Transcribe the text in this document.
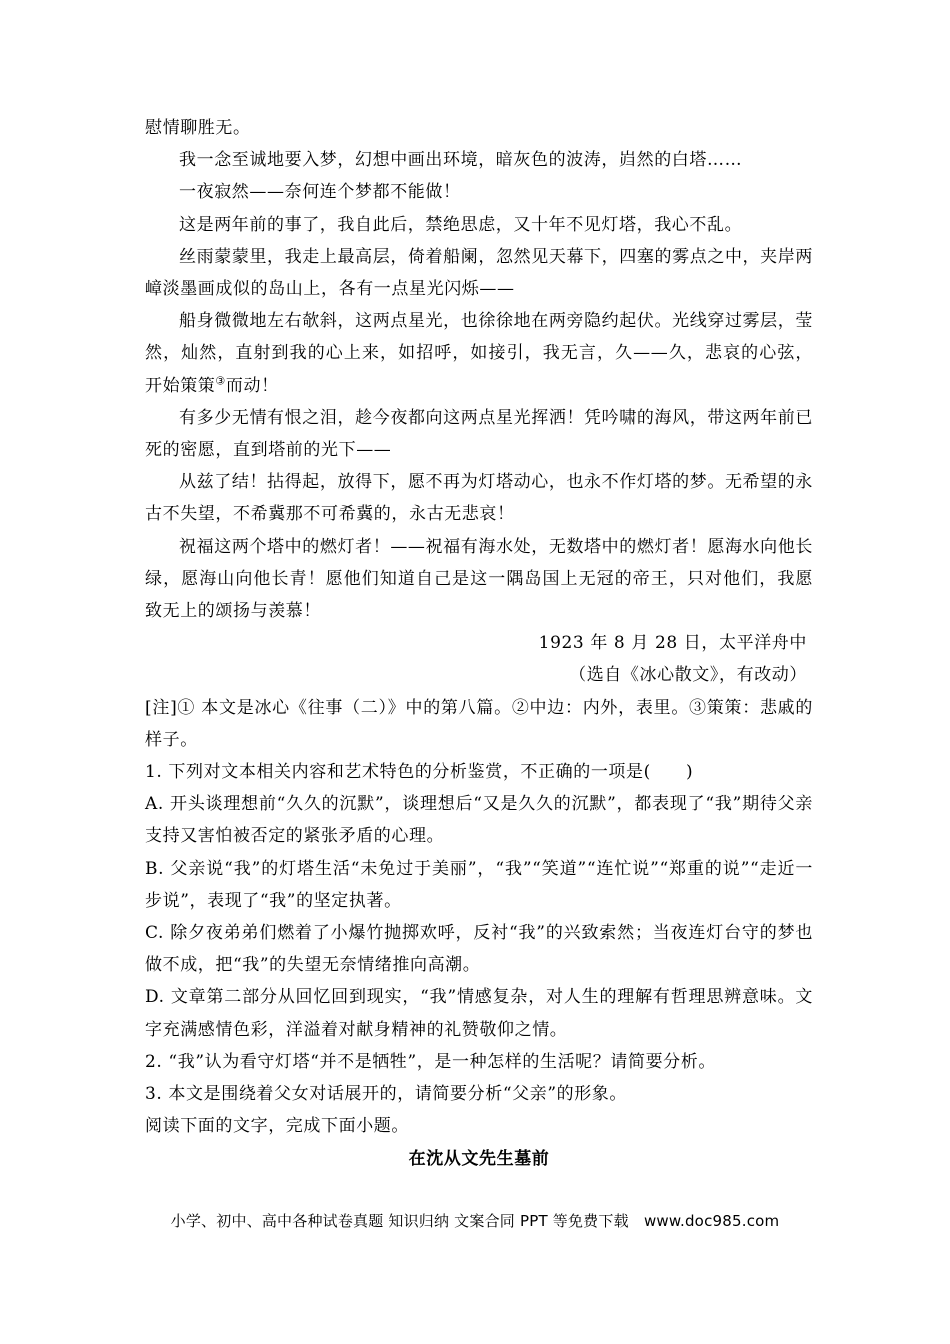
慰情聊胜无。

我一念至诚地要入梦，幻想中画出环境，暗灰色的波涛，岿然的白塔……

一夜寂然——奈何连个梦都不能做！

这是两年前的事了，我自此后，禁绝思虑，又十年不见灯塔，我心不乱。

丝雨蒙蒙里，我走上最高层，倚着船阑，忽然见天幕下，四塞的雾点之中，夹岸两嶂淡墨画成似的岛山上，各有一点星光闪烁——

船身微微地左右欹斜，这两点星光，也徐徐地在两旁隐约起伏。光线穿过雾层，莹然，灿然，直射到我的心上来，如招呼，如接引，我无言，久——久，悲哀的心弦，开始策策③而动！

有多少无情有恨之泪，趁今夜都向这两点星光挥洒！凭吟啸的海风，带这两年前已死的密愿，直到塔前的光下——

从兹了结！拈得起，放得下，愿不再为灯塔动心，也永不作灯塔的梦。无希望的永古不失望，不希冀那不可希冀的，永古无悲哀！

祝福这两个塔中的燃灯者！——祝福有海水处，无数塔中的燃灯者！愿海水向他长绿，愿海山向他长青！愿他们知道自己是这一隅岛国上无冠的帝王，只对他们，我愿致无上的颂扬与羡慕！

1923 年 8 月 28 日，太平洋舟中

（选自《冰心散文》，有改动）

[注]① 本文是冰心《往事（二）》中的第八篇。②中边：内外，表里。③策策：悲戚的样子。

1. 下列对文本相关内容和艺术特色的分析鉴赏，不正确的一项是(　　)

A. 开头谈理想前“久久的沉默”，谈理想后“又是久久的沉默”，都表现了“我”期待父亲支持又害怕被否定的紧张矛盾的心理。

B. 父亲说“我”的灯塔生活“未免过于美丽”，“我”“笑道”“连忙说”“郑重的说”“走近一步说”，表现了“我”的坚定执著。

C. 除夕夜弟弟们燃着了小爆竹抛掷欢呼，反衬“我”的兴致索然；当夜连灯台守的梦也做不成，把“我”的失望无奈情绪推向高潮。

D. 文章第二部分从回忆回到现实，“我”情感复杂，对人生的理解有哲理思辨意味。文字充满感情色彩，洋溢着对献身精神的礼赞敬仰之情。

2. “我”认为看守灯塔“并不是牺牲”，是一种怎样的生活呢？请简要分析。

3. 本文是围绕着父女对话展开的，请简要分析“父亲”的形象。

阅读下面的文字，完成下面小题。

在沈从文先生墓前

小学、初中、高中各种试卷真题 知识归纳 文案合同 PPT 等免费下载　www.doc985.com
